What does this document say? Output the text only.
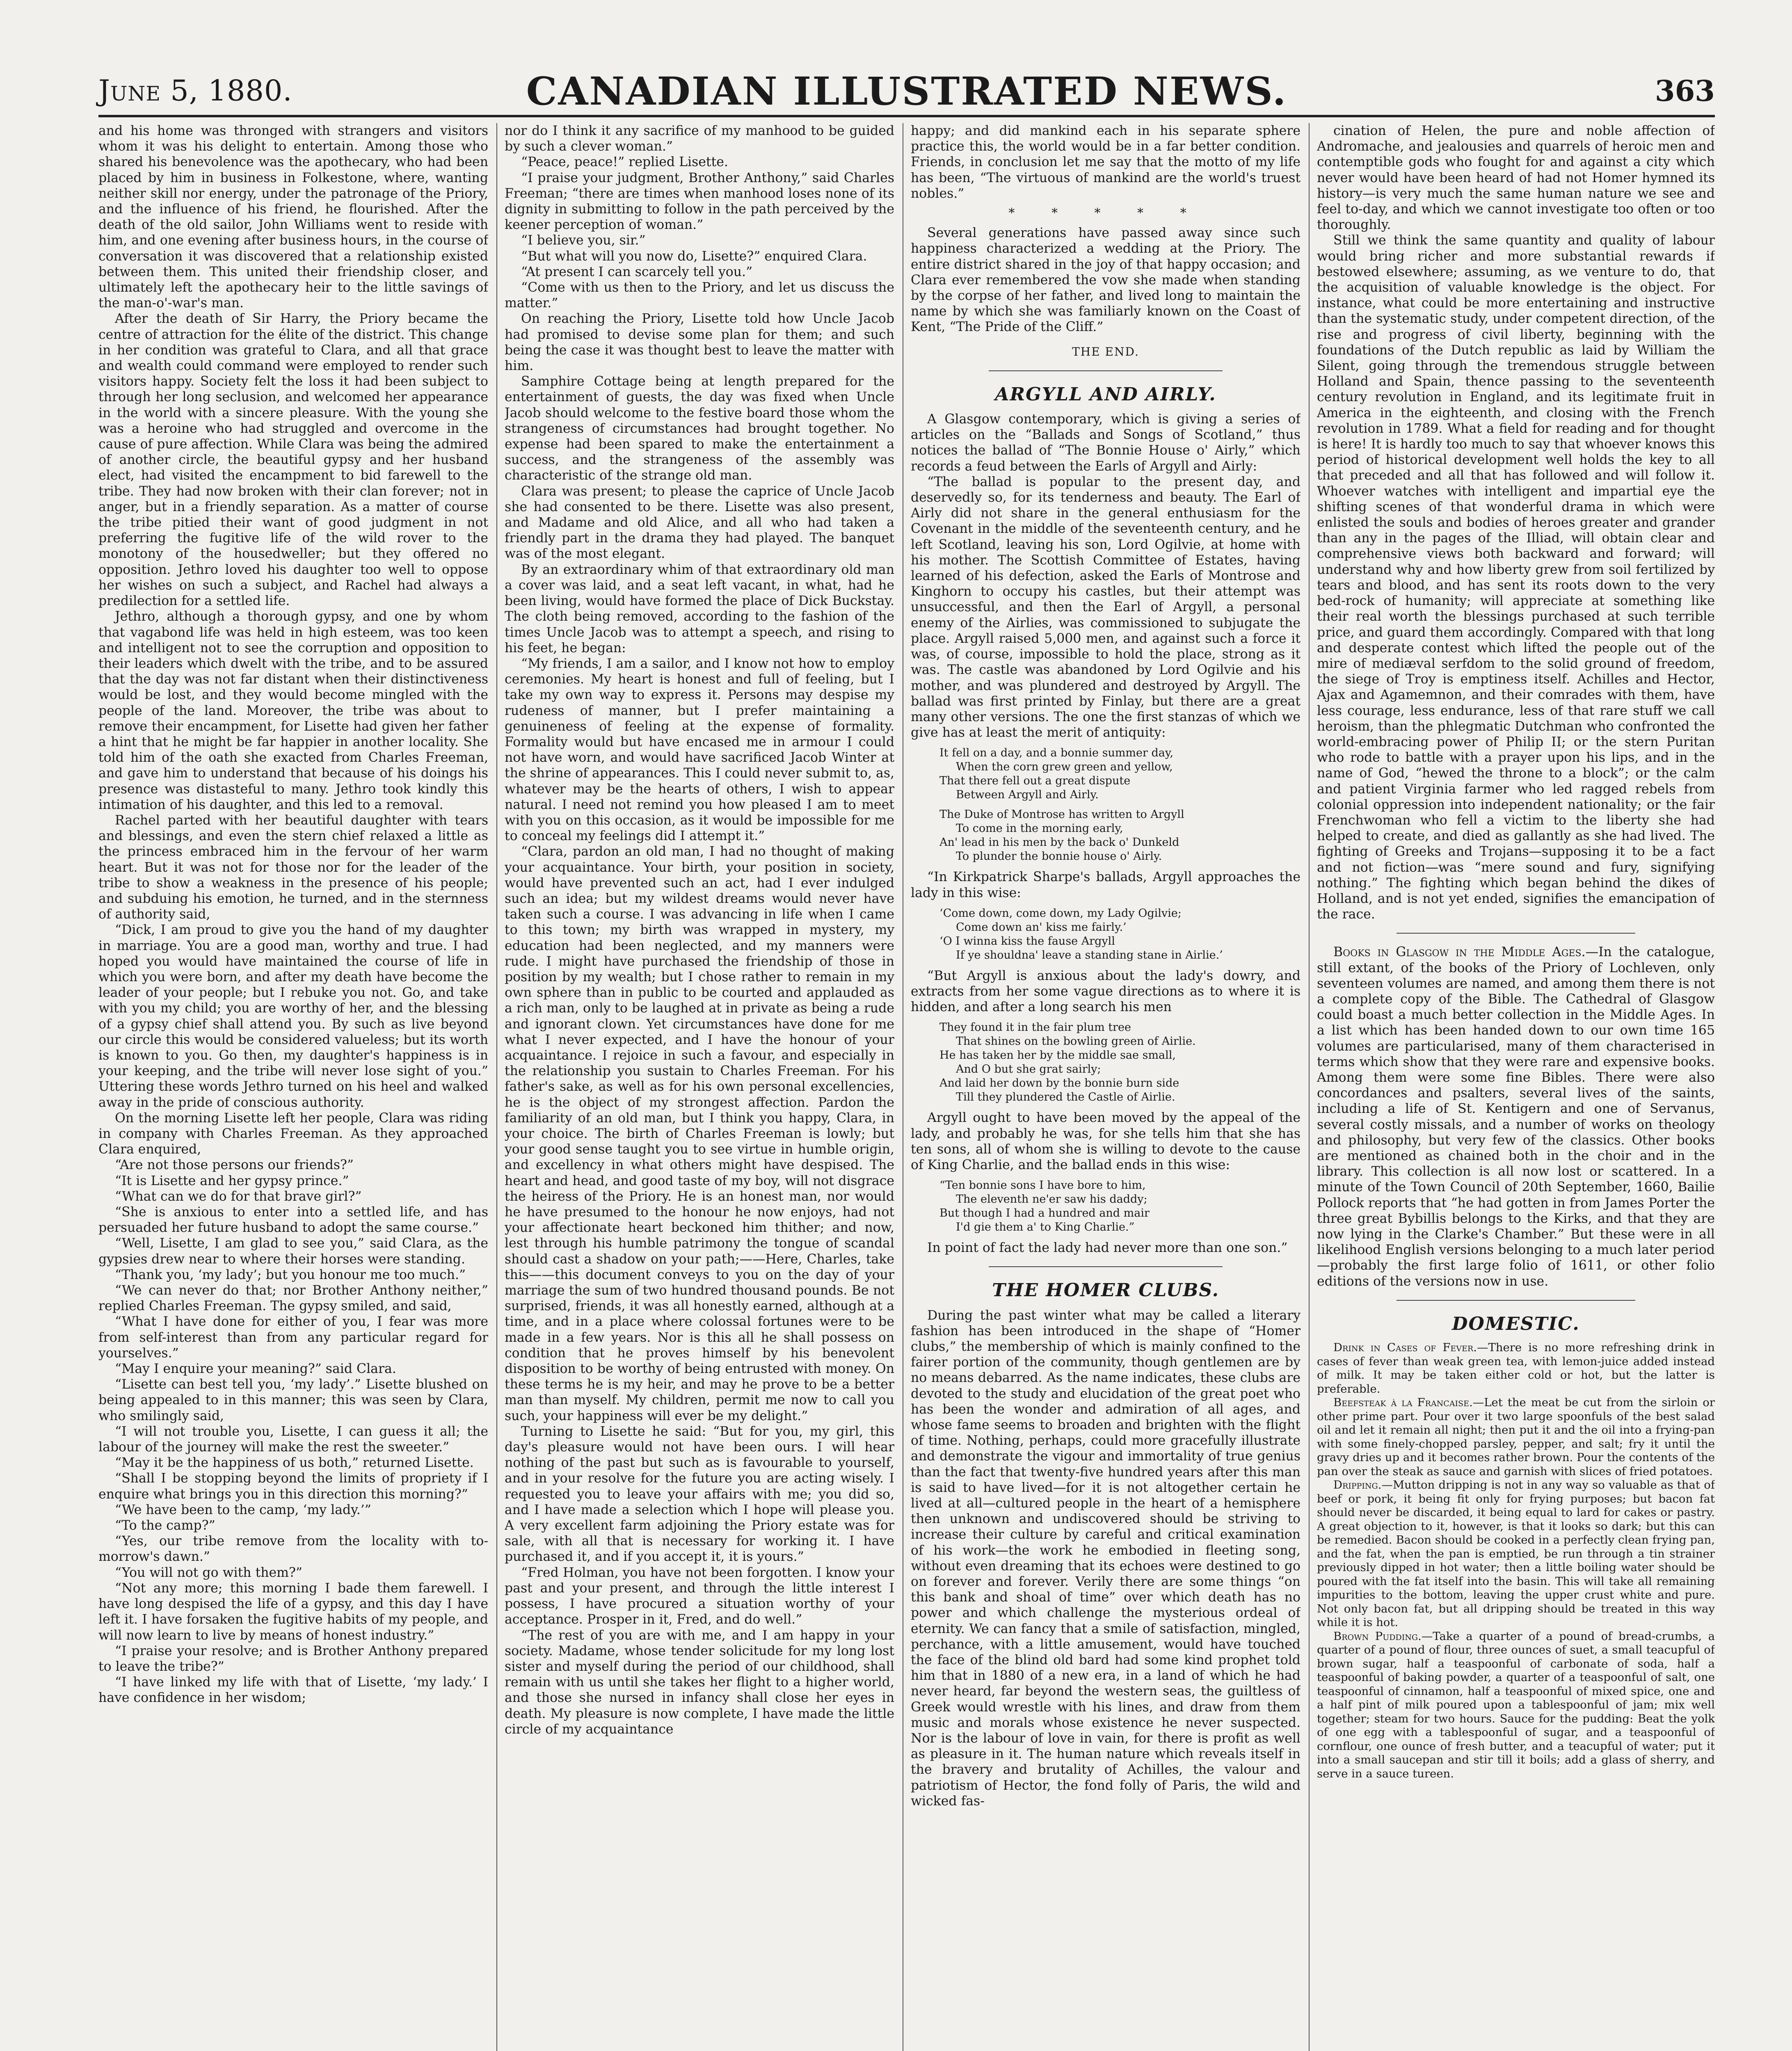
June 5, 1880.	CANADIAN ILLUSTRATED NEWS.	363

and his home was thronged with strangers and visitors whom it was his delight to entertain. Among those who shared his benevolence was the apothecary, who had been placed by him in business in Folkestone, where, wanting neither skill nor energy, under the patronage of the Priory, and the influence of his friend, he flourished. After the death of the old sailor, John Williams went to reside with him, and one evening after business hours, in the course of conversation it was discovered that a relationship existed between them. This united their friendship closer, and ultimately left the apothecary heir to the little savings of the man-o'-war's man.

After the death of Sir Harry, the Priory became the centre of attraction for the élite of the district. This change in her condition was grateful to Clara, and all that grace and wealth could command were employed to render such visitors happy. Society felt the loss it had been subject to through her long seclusion, and welcomed her appearance in the world with a sincere pleasure. With the young she was a heroine who had struggled and overcome in the cause of pure affection. While Clara was being the admired of another circle, the beautiful gypsy and her husband elect, had visited the encampment to bid farewell to the tribe. They had now broken with their clan forever; not in anger, but in a friendly separation. As a matter of course the tribe pitied their want of good judgment in not preferring the fugitive life of the wild rover to the monotony of the housedweller; but they offered no opposition. Jethro loved his daughter too well to oppose her wishes on such a subject, and Rachel had always a predilection for a settled life.

Jethro, although a thorough gypsy, and one by whom that vagabond life was held in high esteem, was too keen and intelligent not to see the corruption and opposition to their leaders which dwelt with the tribe, and to be assured that the day was not far distant when their distinctiveness would be lost, and they would become mingled with the people of the land. Moreover, the tribe was about to remove their encampment, for Lisette had given her father a hint that he might be far happier in another locality. She told him of the oath she exacted from Charles Freeman, and gave him to understand that because of his doings his presence was distasteful to many. Jethro took kindly this intimation of his daughter, and this led to a removal.

Rachel parted with her beautiful daughter with tears and blessings, and even the stern chief relaxed a little as the princess embraced him in the fervour of her warm heart. But it was not for those nor for the leader of the tribe to show a weakness in the presence of his people; and subduing his emotion, he turned, and in the sternness of authority said,

“Dick, I am proud to give you the hand of my daughter in marriage. You are a good man, worthy and true. I had hoped you would have maintained the course of life in which you were born, and after my death have become the leader of your people; but I rebuke you not. Go, and take with you my child; you are worthy of her, and the blessing of a gypsy chief shall attend you. By such as live beyond our circle this would be considered valueless; but its worth is known to you. Go then, my daughter's happiness is in your keeping, and the tribe will never lose sight of you.” Uttering these words Jethro turned on his heel and walked away in the pride of conscious authority.

On the morning Lisette left her people, Clara was riding in company with Charles Freeman. As they approached Clara enquired,

“Are not those persons our friends?”

“It is Lisette and her gypsy prince.”

“What can we do for that brave girl?”

“She is anxious to enter into a settled life, and has persuaded her future husband to adopt the same course.”

“Well, Lisette, I am glad to see you,” said Clara, as the gypsies drew near to where their horses were standing.

“Thank you, ‘my lady’; but you honour me too much.”

“We can never do that; nor Brother Anthony neither,” replied Charles Freeman. The gypsy smiled, and said,

“What I have done for either of you, I fear was more from self-interest than from any particular regard for yourselves.”

“May I enquire your meaning?” said Clara.

“Lisette can best tell you, ‘my lady’.” Lisette blushed on being appealed to in this manner; this was seen by Clara, who smilingly said,

“I will not trouble you, Lisette, I can guess it all; the labour of the journey will make the rest the sweeter.”

“May it be the happiness of us both,” returned Lisette.

“Shall I be stopping beyond the limits of propriety if I enquire what brings you in this direction this morning?”

“We have been to the camp, ‘my lady.’”

“To the camp?”

“Yes, our tribe remove from the locality with to-morrow's dawn.”

“You will not go with them?”

“Not any more; this morning I bade them farewell. I have long despised the life of a gypsy, and this day I have left it. I have forsaken the fugitive habits of my people, and will now learn to live by means of honest industry.”

“I praise your resolve; and is Brother Anthony prepared to leave the tribe?”

“I have linked my life with that of Lisette, ‘my lady.’ I have confidence in her wisdom;

nor do I think it any sacrifice of my manhood to be guided by such a clever woman.”

“Peace, peace!” replied Lisette.

“I praise your judgment, Brother Anthony,” said Charles Freeman; “there are times when manhood loses none of its dignity in submitting to follow in the path perceived by the keener perception of woman.”

“I believe you, sir.”

“But what will you now do, Lisette?” enquired Clara.

“At present I can scarcely tell you.”

“Come with us then to the Priory, and let us discuss the matter.”

On reaching the Priory, Lisette told how Uncle Jacob had promised to devise some plan for them; and such being the case it was thought best to leave the matter with him.

Samphire Cottage being at length prepared for the entertainment of guests, the day was fixed when Uncle Jacob should welcome to the festive board those whom the strangeness of circumstances had brought together. No expense had been spared to make the entertainment a success, and the strangeness of the assembly was characteristic of the strange old man.

Clara was present; to please the caprice of Uncle Jacob she had consented to be there. Lisette was also present, and Madame and old Alice, and all who had taken a friendly part in the drama they had played. The banquet was of the most elegant.

By an extraordinary whim of that extraordinary old man a cover was laid, and a seat left vacant, in what, had he been living, would have formed the place of Dick Buckstay. The cloth being removed, according to the fashion of the times Uncle Jacob was to attempt a speech, and rising to his feet, he began:

“My friends, I am a sailor, and I know not how to employ ceremonies. My heart is honest and full of feeling, but I take my own way to express it. Persons may despise my rudeness of manner, but I prefer maintaining a genuineness of feeling at the expense of formality. Formality would but have encased me in armour I could not have worn, and would have sacrificed Jacob Winter at the shrine of appearances. This I could never submit to, as, whatever may be the hearts of others, I wish to appear natural. I need not remind you how pleased I am to meet with you on this occasion, as it would be impossible for me to conceal my feelings did I attempt it.”

“Clara, pardon an old man, I had no thought of making your acquaintance. Your birth, your position in society, would have prevented such an act, had I ever indulged such an idea; but my wildest dreams would never have taken such a course. I was advancing in life when I came to this town; my birth was wrapped in mystery, my education had been neglected, and my manners were rude. I might have purchased the friendship of those in position by my wealth; but I chose rather to remain in my own sphere than in public to be courted and applauded as a rich man, only to be laughed at in private as being a rude and ignorant clown. Yet circumstances have done for me what I never expected, and I have the honour of your acquaintance. I rejoice in such a favour, and especially in the relationship you sustain to Charles Freeman. For his father's sake, as well as for his own personal excellencies, he is the object of my strongest affection. Pardon the familiarity of an old man, but I think you happy, Clara, in your choice. The birth of Charles Freeman is lowly; but your good sense taught you to see virtue in humble origin, and excellency in what others might have despised. The heart and head, and good taste of my boy, will not disgrace the heiress of the Priory. He is an honest man, nor would he have presumed to the honour he now enjoys, had not your affectionate heart beckoned him thither; and now, lest through his humble patrimony the tongue of scandal should cast a shadow on your path;——Here, Charles, take this——this document conveys to you on the day of your marriage the sum of two hundred thousand pounds. Be not surprised, friends, it was all honestly earned, although at a time, and in a place where colossal fortunes were to be made in a few years. Nor is this all he shall possess on condition that he proves himself by his benevolent disposition to be worthy of being entrusted with money. On these terms he is my heir, and may he prove to be a better man than myself. My children, permit me now to call you such, your happiness will ever be my delight.”

Turning to Lisette he said: “But for you, my girl, this day's pleasure would not have been ours. I will hear nothing of the past but such as is favourable to yourself, and in your resolve for the future you are acting wisely. I requested you to leave your affairs with me; you did so, and I have made a selection which I hope will please you. A very excellent farm adjoining the Priory estate was for sale, with all that is necessary for working it. I have purchased it, and if you accept it, it is yours.”

“Fred Holman, you have not been forgotten. I know your past and your present, and through the little interest I possess, I have procured a situation worthy of your acceptance. Prosper in it, Fred, and do well.”

“The rest of you are with me, and I am happy in your society. Madame, whose tender solicitude for my long lost sister and myself during the period of our childhood, shall remain with us until she takes her flight to a higher world, and those she nursed in infancy shall close her eyes in death. My pleasure is now complete, I have made the little circle of my acquaintance

happy; and did mankind each in his separate sphere practice this, the world would be in a far better condition. Friends, in conclusion let me say that the motto of my life has been, “The virtuous of mankind are the world's truest nobles.”

* * * * *

Several generations have passed away since such happiness characterized a wedding at the Priory. The entire district shared in the joy of that happy occasion; and Clara ever remembered the vow she made when standing by the corpse of her father, and lived long to maintain the name by which she was familiarly known on the Coast of Kent, “The Pride of the Cliff.”

THE END.
ARGYLL AND AIRLY.

A Glasgow contemporary, which is giving a series of articles on the “Ballads and Songs of Scotland,” thus notices the ballad of “The Bonnie House o' Airly,” which records a feud between the Earls of Argyll and Airly:

“The ballad is popular to the present day, and deservedly so, for its tenderness and beauty. The Earl of Airly did not share in the general enthusiasm for the Covenant in the middle of the seventeenth century, and he left Scotland, leaving his son, Lord Ogilvie, at home with his mother. The Scottish Committee of Estates, having learned of his defection, asked the Earls of Montrose and Kinghorn to occupy his castles, but their attempt was unsuccessful, and then the Earl of Argyll, a personal enemy of the Airlies, was commissioned to subjugate the place. Argyll raised 5,000 men, and against such a force it was, of course, impossible to hold the place, strong as it was. The castle was abandoned by Lord Ogilvie and his mother, and was plundered and destroyed by Argyll. The ballad was first printed by Finlay, but there are a great many other versions. The one the first stanzas of which we give has at least the merit of antiquity:

It fell on a day, and a bonnie summer day,
When the corn grew green and yellow,
That there fell out a great dispute
Between Argyll and Airly.
The Duke of Montrose has written to Argyll
To come in the morning early,
An' lead in his men by the back o' Dunkeld
To plunder the bonnie house o' Airly.

“In Kirkpatrick Sharpe's ballads, Argyll approaches the lady in this wise:

‘Come down, come down, my Lady Ogilvie;
Come down an' kiss me fairly.’
‘O I winna kiss the fause Argyll
If ye shouldna' leave a standing stane in Airlie.’

“But Argyll is anxious about the lady's dowry, and extracts from her some vague directions as to where it is hidden, and after a long search his men

They found it in the fair plum tree
That shines on the bowling green of Airlie.
He has taken her by the middle sae small,
And O but she grat sairly;
And laid her down by the bonnie burn side
Till they plundered the Castle of Airlie.

Argyll ought to have been moved by the appeal of the lady, and probably he was, for she tells him that she has ten sons, all of whom she is willing to devote to the cause of King Charlie, and the ballad ends in this wise:

“Ten bonnie sons I have bore to him,
The eleventh ne'er saw his daddy;
But though I had a hundred and mair
I'd gie them a' to King Charlie.”

In point of fact the lady had never more than one son.”

THE HOMER CLUBS.

During the past winter what may be called a literary fashion has been introduced in the shape of “Homer clubs,” the membership of which is mainly confined to the fairer portion of the community, though gentlemen are by no means debarred. As the name indicates, these clubs are devoted to the study and elucidation of the great poet who has been the wonder and admiration of all ages, and whose fame seems to broaden and brighten with the flight of time. Nothing, perhaps, could more gracefully illustrate and demonstrate the vigour and immortality of true genius than the fact that twenty-five hundred years after this man is said to have lived—for it is not altogether certain he lived at all—cultured people in the heart of a hemisphere then unknown and undiscovered should be striving to increase their culture by careful and critical examination of his work—the work he embodied in fleeting song, without even dreaming that its echoes were destined to go on forever and forever. Verily there are some things “on this bank and shoal of time” over which death has no power and which challenge the mysterious ordeal of eternity. We can fancy that a smile of satisfaction, mingled, perchance, with a little amusement, would have touched the face of the blind old bard had some kind prophet told him that in 1880 of a new era, in a land of which he had never heard, far beyond the western seas, the guiltless of Greek would wrestle with his lines, and draw from them music and morals whose existence he never suspected. Nor is the labour of love in vain, for there is profit as well as pleasure in it. The human nature which reveals itself in the bravery and brutality of Achilles, the valour and patriotism of Hector, the fond folly of Paris, the wild and wicked fas-

cination of Helen, the pure and noble affection of Andromache, and jealousies and quarrels of heroic men and contemptible gods who fought for and against a city which never would have been heard of had not Homer hymned its history—is very much the same human nature we see and feel to-day, and which we cannot investigate too often or too thoroughly.

Still we think the same quantity and quality of labour would bring richer and more substantial rewards if bestowed elsewhere; assuming, as we venture to do, that the acquisition of valuable knowledge is the object. For instance, what could be more entertaining and instructive than the systematic study, under competent direction, of the rise and progress of civil liberty, beginning with the foundations of the Dutch republic as laid by William the Silent, going through the tremendous struggle between Holland and Spain, thence passing to the seventeenth century revolution in England, and its legitimate fruit in America in the eighteenth, and closing with the French revolution in 1789. What a field for reading and for thought is here! It is hardly too much to say that whoever knows this period of historical development well holds the key to all that preceded and all that has followed and will follow it. Whoever watches with intelligent and impartial eye the shifting scenes of that wonderful drama in which were enlisted the souls and bodies of heroes greater and grander than any in the pages of the Illiad, will obtain clear and comprehensive views both backward and forward; will understand why and how liberty grew from soil fertilized by tears and blood, and has sent its roots down to the very bed-rock of humanity; will appreciate at something like their real worth the blessings purchased at such terrible price, and guard them accordingly. Compared with that long and desperate contest which lifted the people out of the mire of mediæval serfdom to the solid ground of freedom, the siege of Troy is emptiness itself. Achilles and Hector, Ajax and Agamemnon, and their comrades with them, have less courage, less endurance, less of that rare stuff we call heroism, than the phlegmatic Dutchman who confronted the world-embracing power of Philip II; or the stern Puritan who rode to battle with a prayer upon his lips, and in the name of God, “hewed the throne to a block”; or the calm and patient Virginia farmer who led ragged rebels from colonial oppression into independent nationality; or the fair Frenchwoman who fell a victim to the liberty she had helped to create, and died as gallantly as she had lived. The fighting of Greeks and Trojans—supposing it to be a fact and not fiction—was “mere sound and fury, signifying nothing.” The fighting which began behind the dikes of Holland, and is not yet ended, signifies the emancipation of the race.

Books in Glasgow in the Middle Ages.—In the catalogue, still extant, of the books of the Priory of Lochleven, only seventeen volumes are named, and among them there is not a complete copy of the Bible. The Cathedral of Glasgow could boast a much better collection in the Middle Ages. In a list which has been handed down to our own time 165 volumes are particularised, many of them characterised in terms which show that they were rare and expensive books. Among them were some fine Bibles. There were also concordances and psalters, several lives of the saints, including a life of St. Kentigern and one of Servanus, several costly missals, and a number of works on theology and philosophy, but very few of the classics. Other books are mentioned as chained both in the choir and in the library. This collection is all now lost or scattered. In a minute of the Town Council of 20th September, 1660, Bailie Pollock reports that “he had gotten in from James Porter the three great Bybillis belongs to the Kirks, and that they are now lying in the Clarke's Chamber.” But these were in all likelihood English versions belonging to a much later period—probably the first large folio of 1611, or other folio editions of the versions now in use.

DOMESTIC.

Drink in Cases of Fever.—There is no more refreshing drink in cases of fever than weak green tea, with lemon-juice added instead of milk. It may be taken either cold or hot, but the latter is preferable.

Beefsteak à la Francaise.—Let the meat be cut from the sirloin or other prime part. Pour over it two large spoonfuls of the best salad oil and let it remain all night; then put it and the oil into a frying-pan with some finely-chopped parsley, pepper, and salt; fry it until the gravy dries up and it becomes rather brown. Pour the contents of the pan over the steak as sauce and garnish with slices of fried potatoes.

Dripping.—Mutton dripping is not in any way so valuable as that of beef or pork, it being fit only for frying purposes; but bacon fat should never be discarded, it being equal to lard for cakes or pastry. A great objection to it, however, is that it looks so dark; but this can be remedied. Bacon should be cooked in a perfectly clean frying pan, and the fat, when the pan is emptied, be run through a tin strainer previously dipped in hot water; then a little boiling water should be poured with the fat itself into the basin. This will take all remaining impurities to the bottom, leaving the upper crust white and pure. Not only bacon fat, but all dripping should be treated in this way while it is hot.

Brown Pudding.—Take a quarter of a pound of bread-crumbs, a quarter of a pound of flour, three ounces of suet, a small teacupful of brown sugar, half a teaspoonful of carbonate of soda, half a teaspoonful of baking powder, a quarter of a teaspoonful of salt, one teaspoonful of cinnamon, half a teaspoonful of mixed spice, one and a half pint of milk poured upon a tablespoonful of jam; mix well together; steam for two hours. Sauce for the pudding: Beat the yolk of one egg with a tablespoonful of sugar, and a teaspoonful of cornflour, one ounce of fresh butter, and a teacupful of water; put it into a small saucepan and stir till it boils; add a glass of sherry, and serve in a sauce tureen.
